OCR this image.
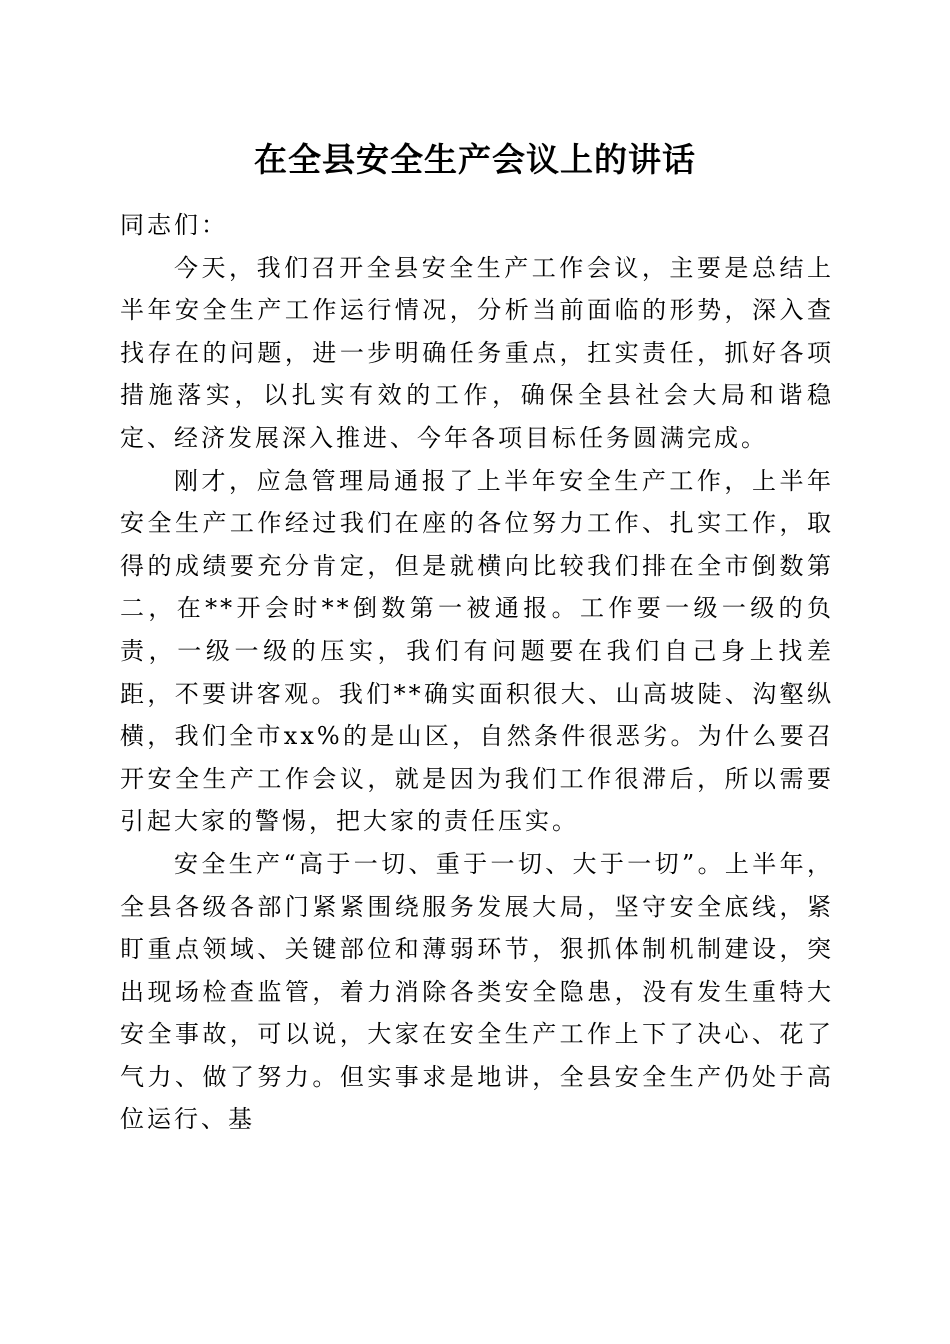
在全县安全生产会议上的讲话

同志们：

今天，我们召开全县安全生产工作会议，主要是总结上半年安全生产工作运行情况，分析当前面临的形势，深入查找存在的问题，进一步明确任务重点，扛实责任，抓好各项措施落实，以扎实有效的工作，确保全县社会大局和谐稳定、经济发展深入推进、今年各项目标任务圆满完成。

刚才，应急管理局通报了上半年安全生产工作，上半年安全生产工作经过我们在座的各位努力工作、扎实工作，取得的成绩要充分肯定，但是就横向比较我们排在全市倒数第二，在**开会时**倒数第一被通报。工作要一级一级的负责，一级一级的压实，我们有问题要在我们自己身上找差距，不要讲客观。我们**确实面积很大、山高坡陡、沟壑纵横，我们全市xx%的是山区，自然条件很恶劣。为什么要召开安全生产工作会议，就是因为我们工作很滞后，所以需要引起大家的警惕，把大家的责任压实。

安全生产“高于一切、重于一切、大于一切”。上半年，全县各级各部门紧紧围绕服务发展大局，坚守安全底线，紧盯重点领域、关键部位和薄弱环节，狠抓体制机制建设，突出现场检查监管，着力消除各类安全隐患，没有发生重特大安全事故，可以说，大家在安全生产工作上下了决心、花了气力、做了努力。但实事求是地讲，全县安全生产仍处于高位运行、基
